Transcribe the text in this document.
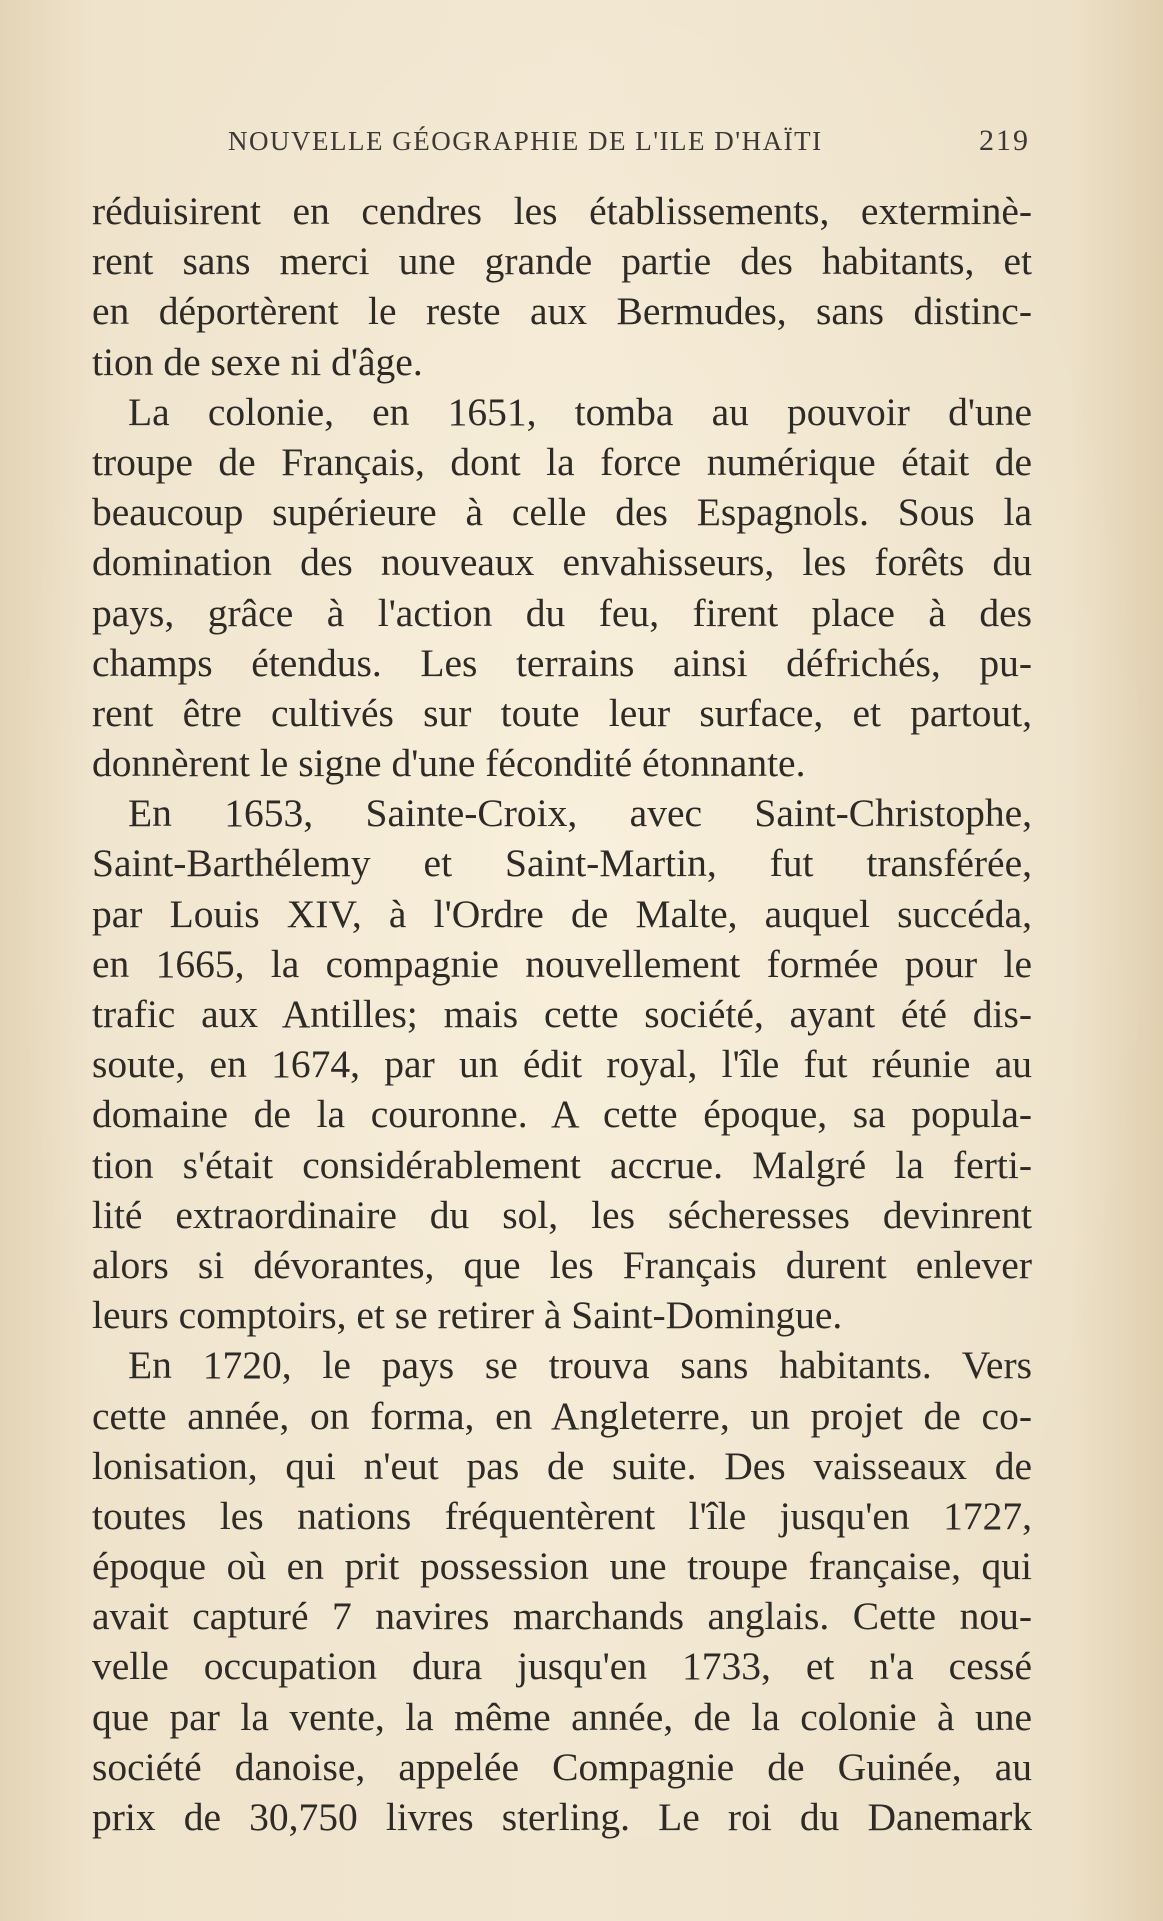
NOUVELLE GÉOGRAPHIE DE L'ILE D'HAÏTI	219
réduisirent en cendres les établissements, exterminè-
rent sans merci une grande partie des habitants, et
en déportèrent le reste aux Bermudes, sans distinc-
tion de sexe ni d'âge.
La colonie, en 1651, tomba au pouvoir d'une
troupe de Français, dont la force numérique était de
beaucoup supérieure à celle des Espagnols. Sous la
domination des nouveaux envahisseurs, les forêts du
pays, grâce à l'action du feu, firent place à des
champs étendus. Les terrains ainsi défrichés, pu-
rent être cultivés sur toute leur surface, et partout,
donnèrent le signe d'une fécondité étonnante.
En 1653, Sainte-Croix, avec Saint-Christophe,
Saint-Barthélemy et Saint-Martin, fut transférée,
par Louis XIV, à l'Ordre de Malte, auquel succéda,
en 1665, la compagnie nouvellement formée pour le
trafic aux Antilles; mais cette société, ayant été dis-
soute, en 1674, par un édit royal, l'île fut réunie au
domaine de la couronne. A cette époque, sa popula-
tion s'était considérablement accrue. Malgré la ferti-
lité extraordinaire du sol, les sécheresses devinrent
alors si dévorantes, que les Français durent enlever
leurs comptoirs, et se retirer à Saint-Domingue.
En 1720, le pays se trouva sans habitants. Vers
cette année, on forma, en Angleterre, un projet de co-
lonisation, qui n'eut pas de suite. Des vaisseaux de
toutes les nations fréquentèrent l'île jusqu'en 1727,
époque où en prit possession une troupe française, qui
avait capturé 7 navires marchands anglais. Cette nou-
velle occupation dura jusqu'en 1733, et n'a cessé
que par la vente, la même année, de la colonie à une
société danoise, appelée Compagnie de Guinée, au
prix de 30,750 livres sterling. Le roi du Danemark
